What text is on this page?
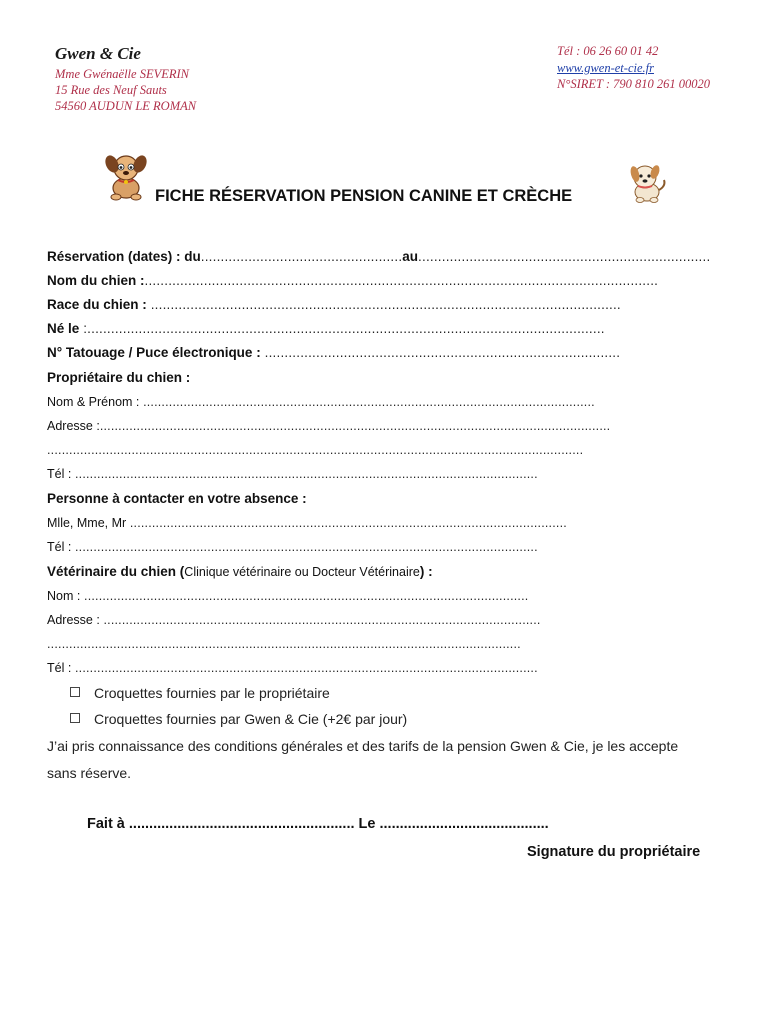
Gwen & Cie
Mme Gwénaëlle SEVERIN
15 Rue des Neuf Sauts
54560 AUDUN LE ROMAN
Tél : 06 26 60 01 42
www.gwen-et-cie.fr
N°SIRET : 790 810 261 00020
FICHE RÉSERVATION PENSION CANINE ET CRÈCHE
Réservation (dates) : du...................................................au..........................................................................
Nom du chien :..................................................................................................................................
Race du chien : .......................................................................................................................
Né le :...................................................................................................................................
N° Tatouage / Puce électronique : ..........................................................................................
Propriétaire du chien :
Nom & Prénom : ...........................................................................................................................
Adresse :...........................................................................................................................................
..................................................................................................................................................
Tél : ..............................................................................................................................
Personne à contacter en votre absence :
Mlle, Mme, Mr .......................................................................................................................
Tél : ..............................................................................................................................
Vétérinaire du chien (Clinique vétérinaire ou Docteur Vétérinaire) :
Nom : .........................................................................................................................
Adresse : .......................................................................................................................
.................................................................................................................................
Tél : ..............................................................................................................................
Croquettes fournies par le propriétaire
Croquettes fournies par Gwen & Cie (+2€ par jour)
J’ai pris connaissance des conditions générales et des tarifs de la pension Gwen & Cie, je les accepte
sans réserve.
Fait à ........................................................ Le ..........................................
Signature du propriétaire
